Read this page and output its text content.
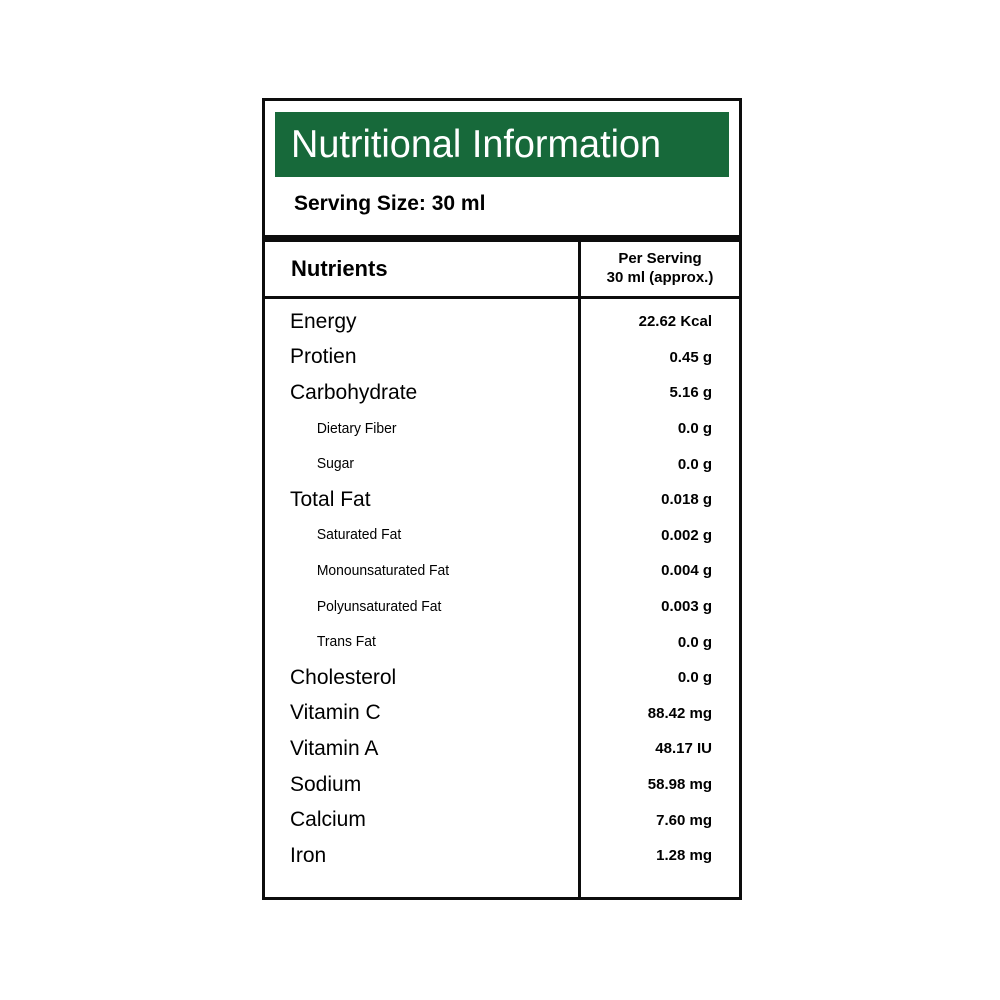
Nutritional Information
Serving Size: 30 ml
Nutrients	Per Serving
30 ml (approx.)
Energy	22.62 Kcal
Protien	0.45 g
Carbohydrate	5.16 g
Dietary Fiber	0.0 g
Sugar	0.0 g
Total Fat	0.018 g
Saturated Fat	0.002 g
Monounsaturated Fat	0.004 g
Polyunsaturated Fat	0.003 g
Trans Fat	0.0 g
Cholesterol	0.0 g
Vitamin C	88.42 mg
Vitamin A	48.17 IU
Sodium	58.98 mg
Calcium	7.60 mg
Iron	1.28 mg
